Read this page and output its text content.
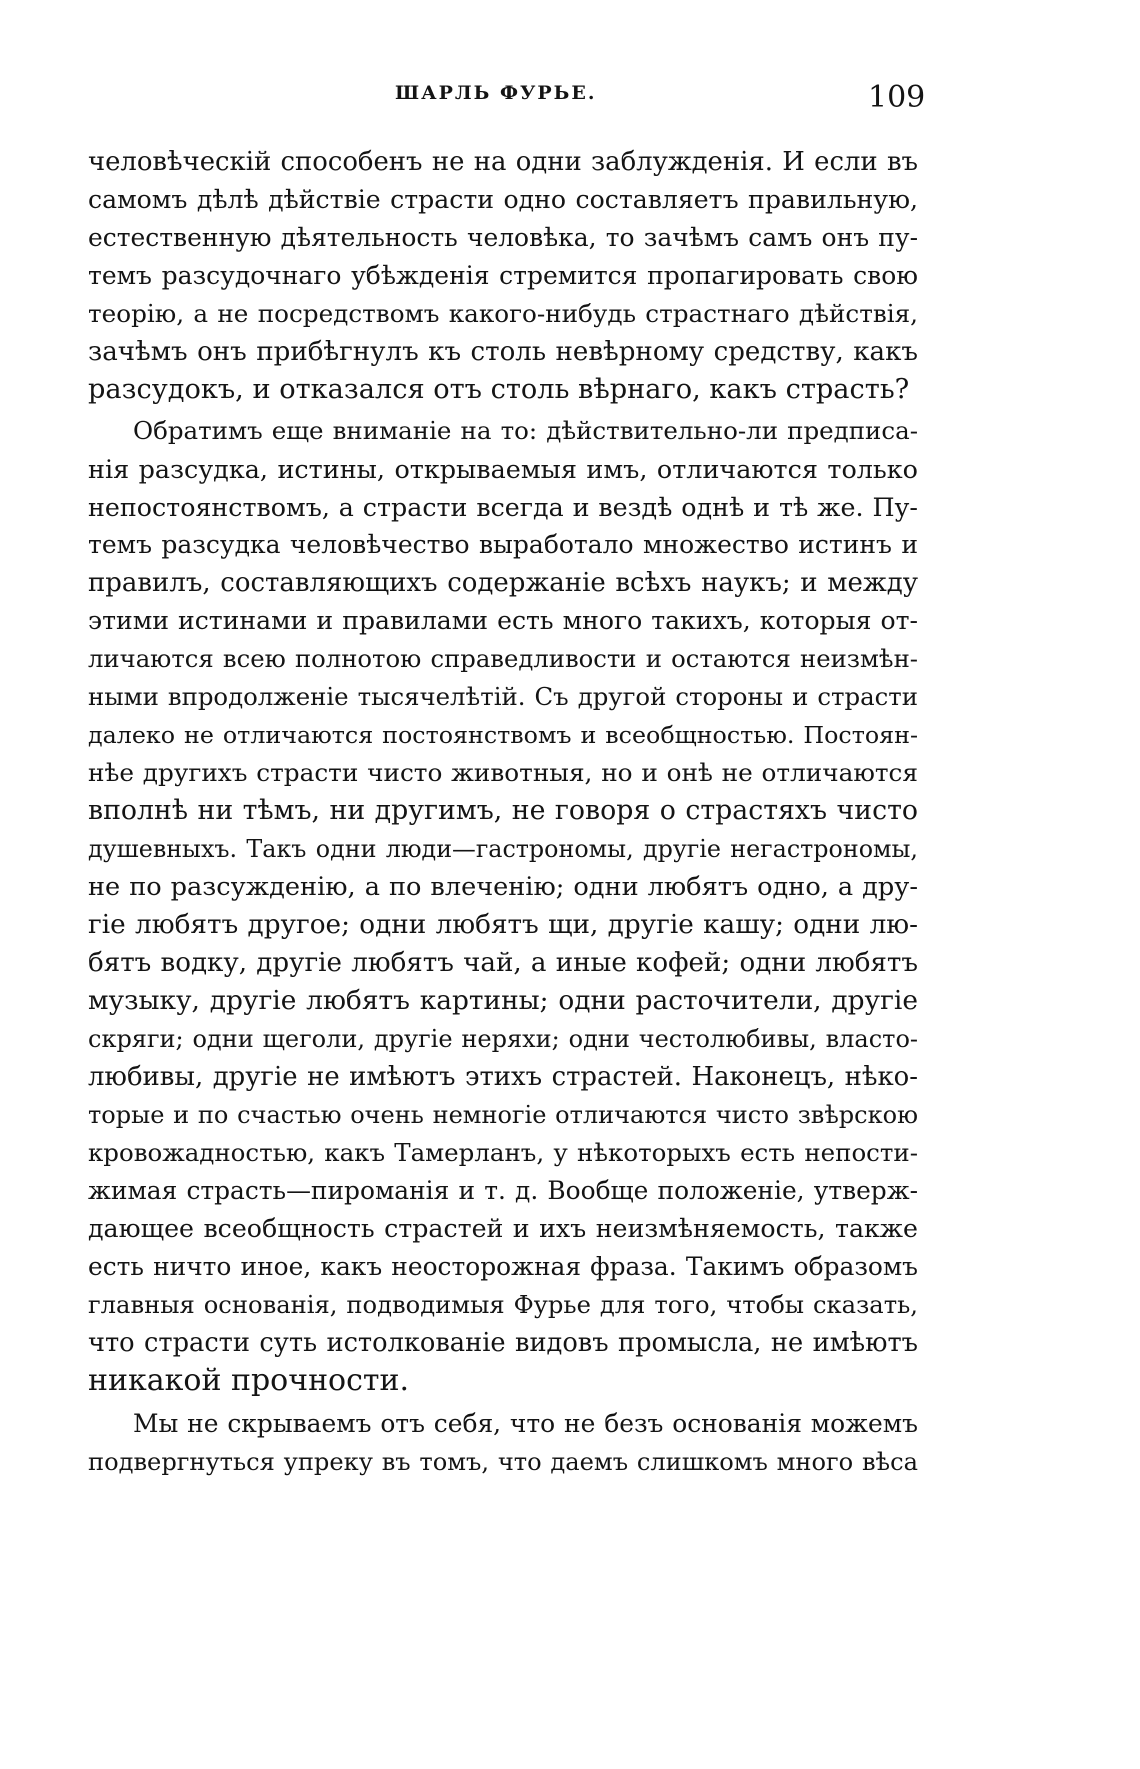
ШАРЛЬ ФУРЬЕ.	109
человѣческій способенъ не на одни заблужденія. И если въ
самомъ дѣлѣ дѣйствіе страсти одно составляетъ правильную,
естественную дѣятельность человѣка, то зачѣмъ самъ онъ пу-
темъ разсудочнаго убѣжденія стремится пропагировать свою
теорію, а не посредствомъ какого-нибудь страстнаго дѣйствія,
зачѣмъ онъ прибѣгнулъ къ столь невѣрному средству, какъ
разсудокъ, и отказался отъ столь вѣрнаго, какъ страсть?
Обратимъ еще вниманіе на то: дѣйствительно-ли предписа-
нія разсудка, истины, открываемыя имъ, отличаются только
непостоянствомъ, а страсти всегда и вездѣ однѣ и тѣ же. Пу-
темъ разсудка человѣчество выработало множество истинъ и
правилъ, составляющихъ содержаніе всѣхъ наукъ; и между
этими истинами и правилами есть много такихъ, которыя от-
личаются всею полнотою справедливости и остаются неизмѣн-
ными впродолженіе тысячелѣтій. Съ другой стороны и страсти
далеко не отличаются постоянствомъ и всеобщностью. Постоян-
нѣе другихъ страсти чисто животныя, но и онѣ не отличаются
вполнѣ ни тѣмъ, ни другимъ, не говоря о страстяхъ чисто
душевныхъ. Такъ одни люди—гастрономы, другіе негастрономы,
не по разсужденію, а по влеченію; одни любятъ одно, а дру-
гіе любятъ другое; одни любятъ щи, другіе кашу; одни лю-
бятъ водку, другіе любятъ чай, а иные кофей; одни любятъ
музыку, другіе любятъ картины; одни расточители, другіе
скряги; одни щеголи, другіе неряхи; одни честолюбивы, власто-
любивы, другіе не имѣютъ этихъ страстей. Наконецъ, нѣко-
торые и по счастью очень немногіе отличаются чисто звѣрскою
кровожадностью, какъ Тамерланъ, у нѣкоторыхъ есть непости-
жимая страсть—пироманія и т. д. Вообще положеніе, утверж-
дающее всеобщность страстей и ихъ неизмѣняемость, также
есть ничто иное, какъ неосторожная фраза. Такимъ образомъ
главныя основанія, подводимыя Фурье для того, чтобы сказать,
что страсти суть истолкованіе видовъ промысла, не имѣютъ
никакой прочности.
Мы не скрываемъ отъ себя, что не безъ основанія можемъ
подвергнуться упреку въ томъ, что даемъ слишкомъ много вѣса
